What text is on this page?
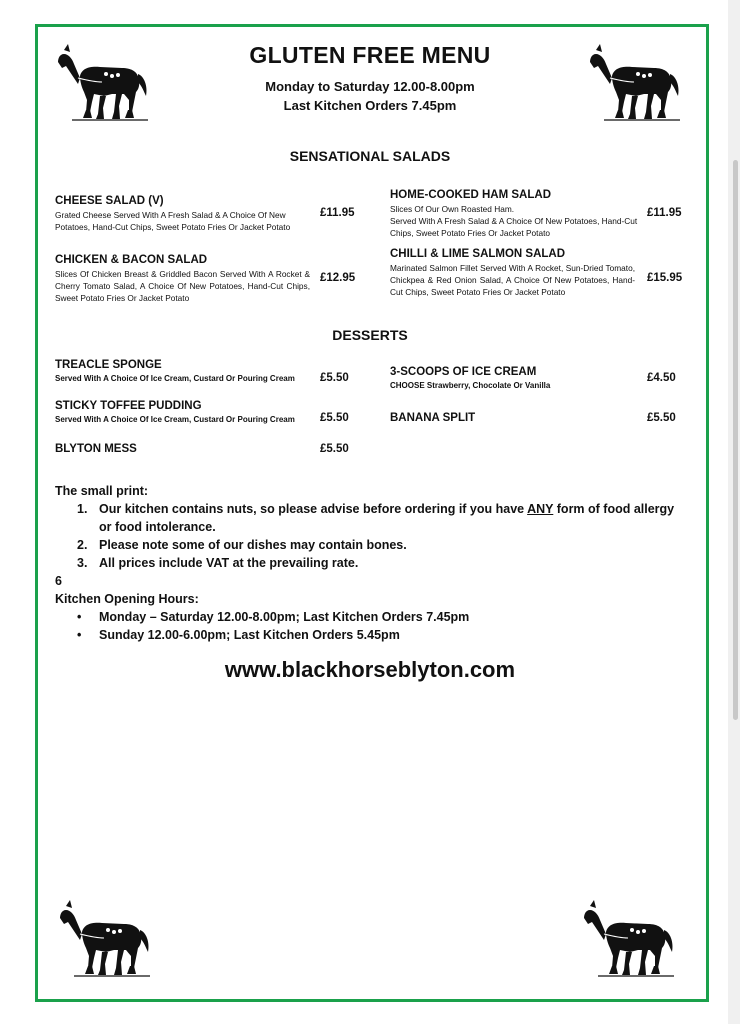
GLUTEN FREE MENU
Monday to Saturday 12.00-8.00pm
Last Kitchen Orders 7.45pm
SENSATIONAL SALADS
CHEESE SALAD (V)
Grated Cheese Served With A Fresh Salad & A Choice Of New Potatoes, Hand-Cut Chips, Sweet Potato Fries Or Jacket Potato
£11.95
CHICKEN & BACON SALAD
Slices Of Chicken Breast & Griddled Bacon Served With A Rocket & Cherry Tomato Salad, A Choice Of New Potatoes, Hand-Cut Chips, Sweet Potato Fries Or Jacket Potato
£12.95
HOME-COOKED HAM SALAD
Slices Of Our Own Roasted Ham.
Served With A Fresh Salad & A Choice Of New Potatoes, Hand-Cut Chips, Sweet Potato Fries Or Jacket Potato
£11.95
CHILLI & LIME SALMON SALAD
Marinated Salmon Fillet Served With A Rocket, Sun-Dried Tomato, Chickpea & Red Onion Salad, A Choice Of New Potatoes, Hand-Cut Chips, Sweet Potato Fries Or Jacket Potato
£15.95
DESSERTS
TREACLE SPONGE
Served With A Choice Of Ice Cream, Custard Or Pouring Cream £5.50
STICKY TOFFEE PUDDING
Served With A Choice Of Ice Cream, Custard Or Pouring Cream £5.50
BLYTON MESS	£5.50
3-SCOOPS OF ICE CREAM
CHOOSE Strawberry, Chocolate Or Vanilla
£4.50
BANANA SPLIT	£5.50
The small print:
1. Our kitchen contains nuts, so please advise before ordering if you have ANY form of food allergy or food intolerance.
2. Please note some of our dishes may contain bones.
3. All prices include VAT at the prevailing rate.
6
Kitchen Opening Hours:
• Monday – Saturday 12.00-8.00pm; Last Kitchen Orders 7.45pm
• Sunday 12.00-6.00pm; Last Kitchen Orders 5.45pm
www.blackhorseblyton.com
